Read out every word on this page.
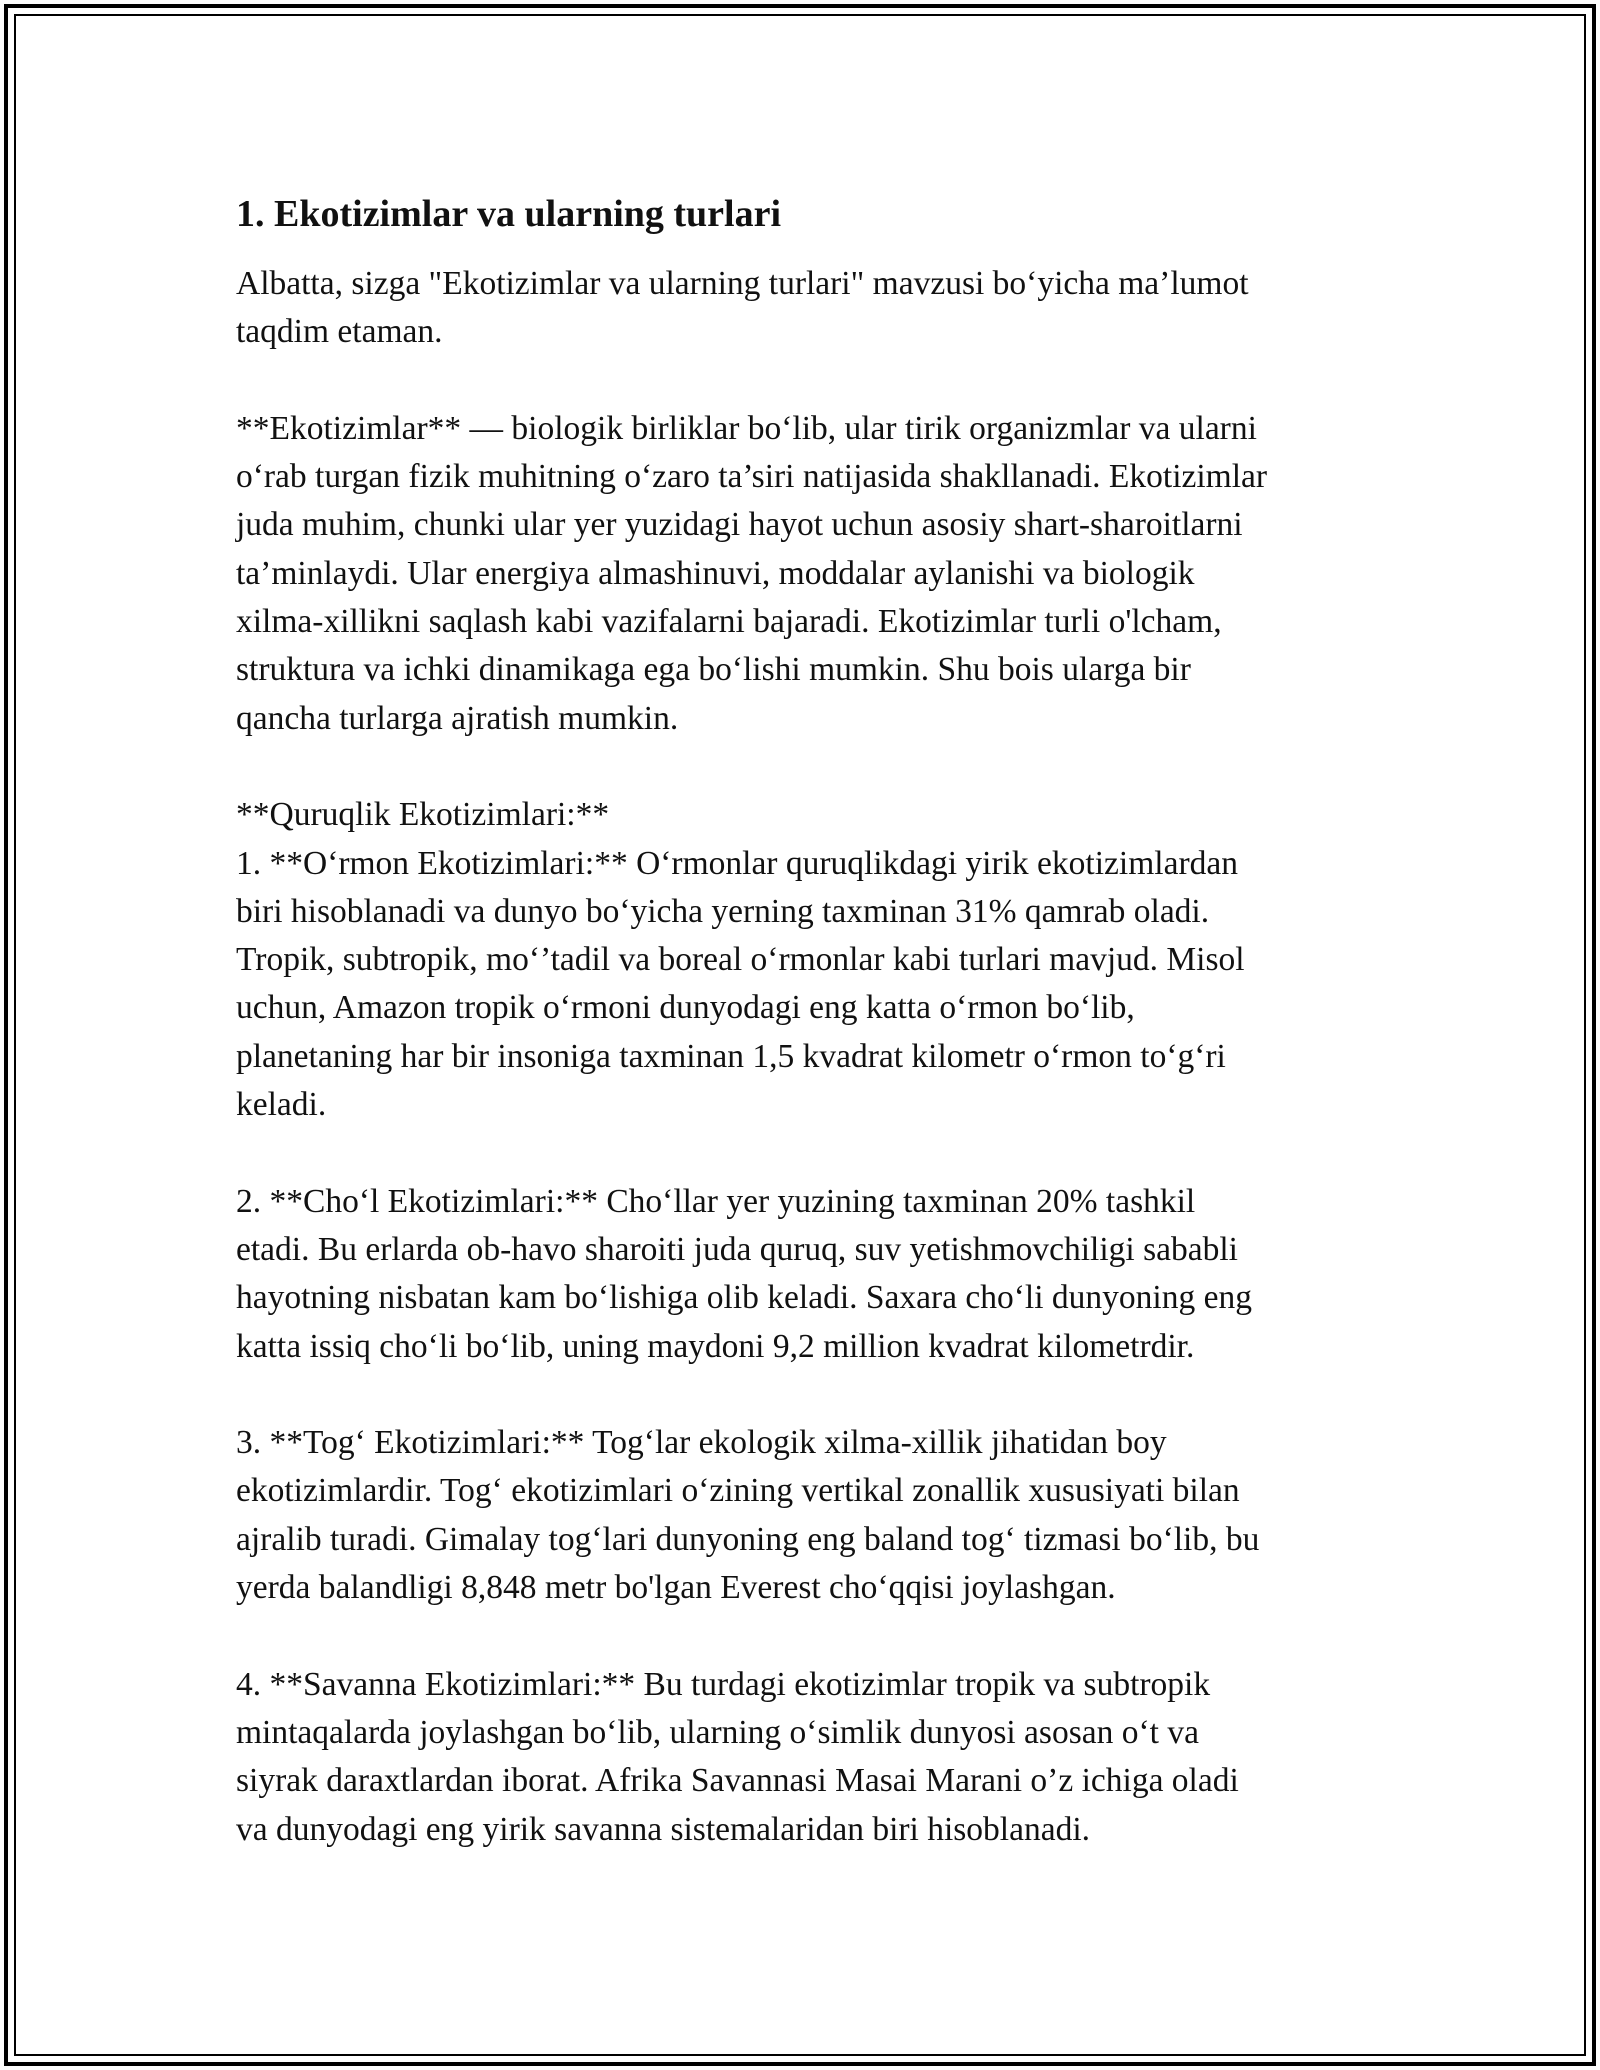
1. Ekotizimlar va ularning turlari

Albatta, sizga "Ekotizimlar va ularning turlari" mavzusi bo‘yicha ma’lumot
taqdim etaman.

**Ekotizimlar** — biologik birliklar bo‘lib, ular tirik organizmlar va ularni
o‘rab turgan fizik muhitning o‘zaro ta’siri natijasida shakllanadi. Ekotizimlar
juda muhim, chunki ular yer yuzidagi hayot uchun asosiy shart-sharoitlarni
ta’minlaydi. Ular energiya almashinuvi, moddalar aylanishi va biologik
xilma-xillikni saqlash kabi vazifalarni bajaradi. Ekotizimlar turli o'lcham,
struktura va ichki dinamikaga ega bo‘lishi mumkin. Shu bois ularga bir
qancha turlarga ajratish mumkin.

**Quruqlik Ekotizimlari:**
1. **O‘rmon Ekotizimlari:** O‘rmonlar quruqlikdagi yirik ekotizimlardan
biri hisoblanadi va dunyo bo‘yicha yerning taxminan 31% qamrab oladi.
Tropik, subtropik, mo‘’tadil va boreal o‘rmonlar kabi turlari mavjud. Misol
uchun, Amazon tropik o‘rmoni dunyodagi eng katta o‘rmon bo‘lib,
planetaning har bir insoniga taxminan 1,5 kvadrat kilometr o‘rmon to‘g‘ri
keladi.

2. **Cho‘l Ekotizimlari:** Cho‘llar yer yuzining taxminan 20% tashkil
etadi. Bu erlarda ob-havo sharoiti juda quruq, suv yetishmovchiligi sababli
hayotning nisbatan kam bo‘lishiga olib keladi. Saxara cho‘li dunyoning eng
katta issiq cho‘li bo‘lib, uning maydoni 9,2 million kvadrat kilometrdir.

3. **Tog‘ Ekotizimlari:** Tog‘lar ekologik xilma-xillik jihatidan boy
ekotizimlardir. Tog‘ ekotizimlari o‘zining vertikal zonallik xususiyati bilan
ajralib turadi. Gimalay tog‘lari dunyoning eng baland tog‘ tizmasi bo‘lib, bu
yerda balandligi 8,848 metr bo'lgan Everest cho‘qqisi joylashgan.

4. **Savanna Ekotizimlari:** Bu turdagi ekotizimlar tropik va subtropik
mintaqalarda joylashgan bo‘lib, ularning o‘simlik dunyosi asosan o‘t va
siyrak daraxtlardan iborat. Afrika Savannasi Masai Marani o’z ichiga oladi
va dunyodagi eng yirik savanna sistemalaridan biri hisoblanadi.
